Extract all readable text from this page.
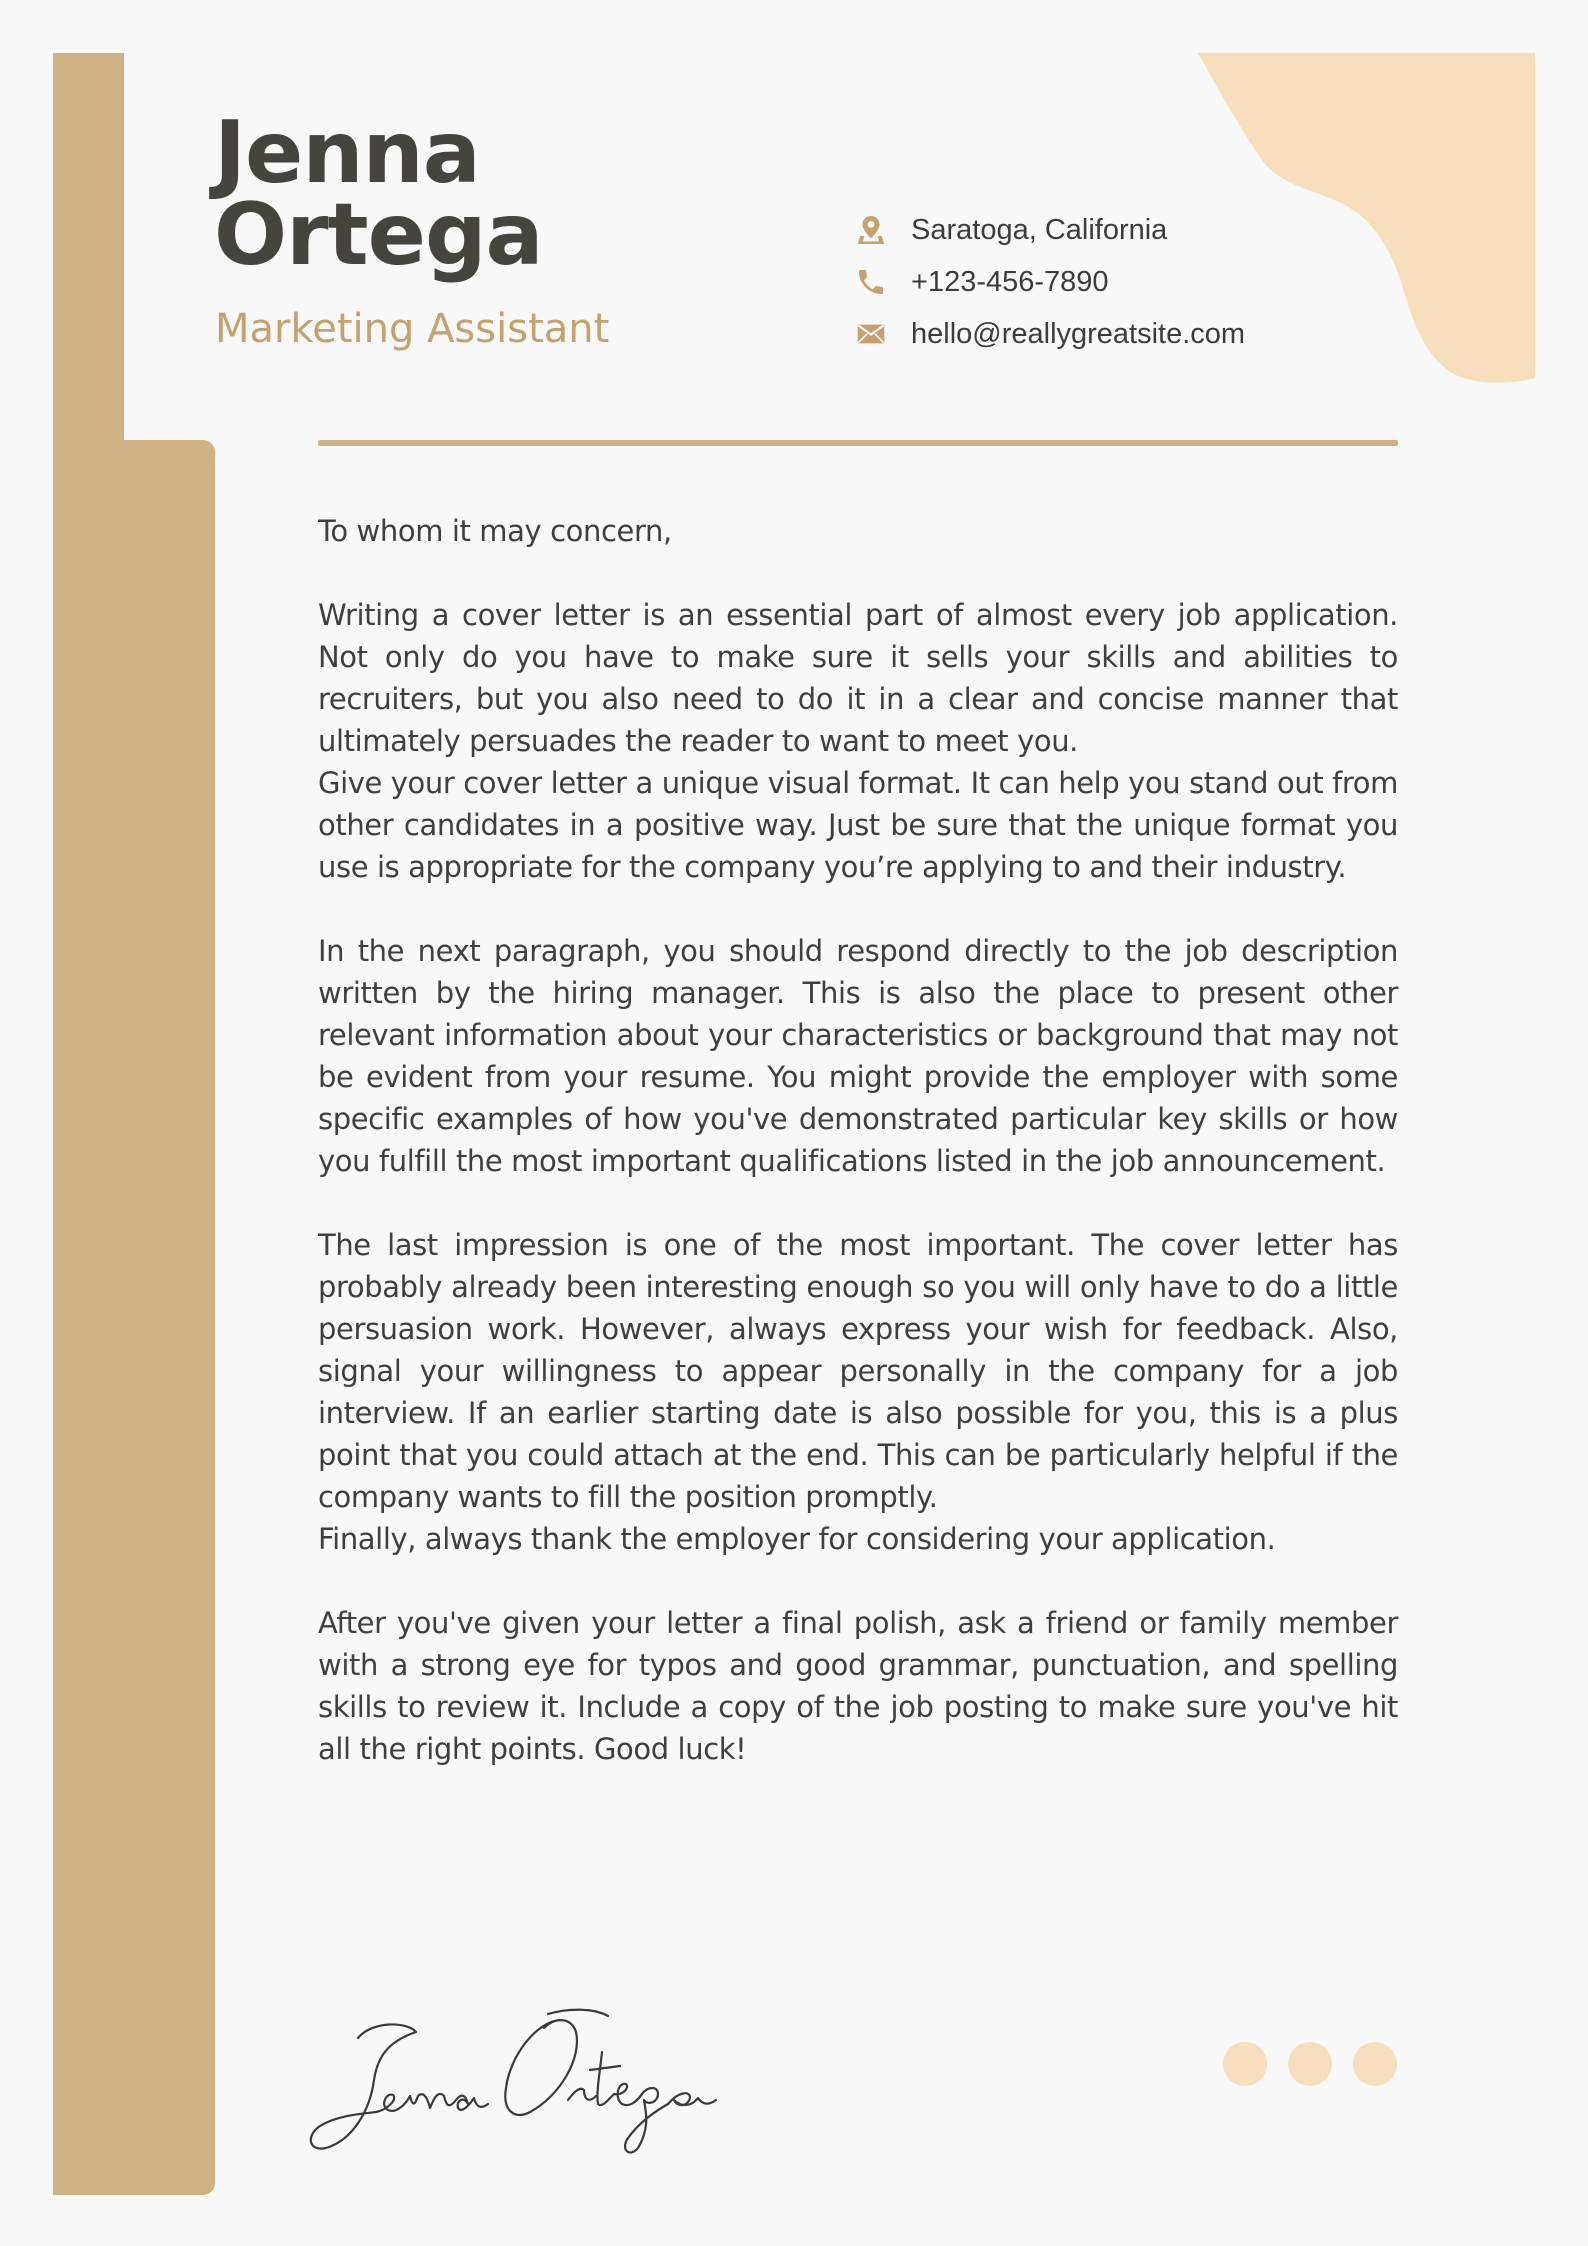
Jenna
Ortega
Marketing Assistant
Saratoga, California
+123-456-7890
hello@reallygreatsite.com

To whom it may concern,

Writing a cover letter is an essential part of almost every job application. Not only do you have to make sure it sells your skills and abilities to recruiters, but you also need to do it in a clear and concise manner that ultimately persuades the reader to want to meet you.

Give your cover letter a unique visual format. It can help you stand out from other candidates in a positive way. Just be sure that the unique format you use is appropriate for the company you’re applying to and their industry.

In the next paragraph, you should respond directly to the job description written by the hiring manager. This is also the place to present other relevant information about your characteristics or background that may not be evident from your resume. You might provide the employer with some specific examples of how you've demonstrated particular key skills or how you fulfill the most important qualifications listed in the job announcement.

The last impression is one of the most important. The cover letter has probably already been interesting enough so you will only have to do a little persuasion work. However, always express your wish for feedback. Also, signal your willingness to appear personally in the company for a job interview. If an earlier starting date is also possible for you, this is a plus point that you could attach at the end. This can be particularly helpful if the company wants to fill the position promptly.

Finally, always thank the employer for considering your application.

After you've given your letter a final polish, ask a friend or family member with a strong eye for typos and good grammar, punctuation, and spelling skills to review it. Include a copy of the job posting to make sure you've hit all the right points. Good luck!
